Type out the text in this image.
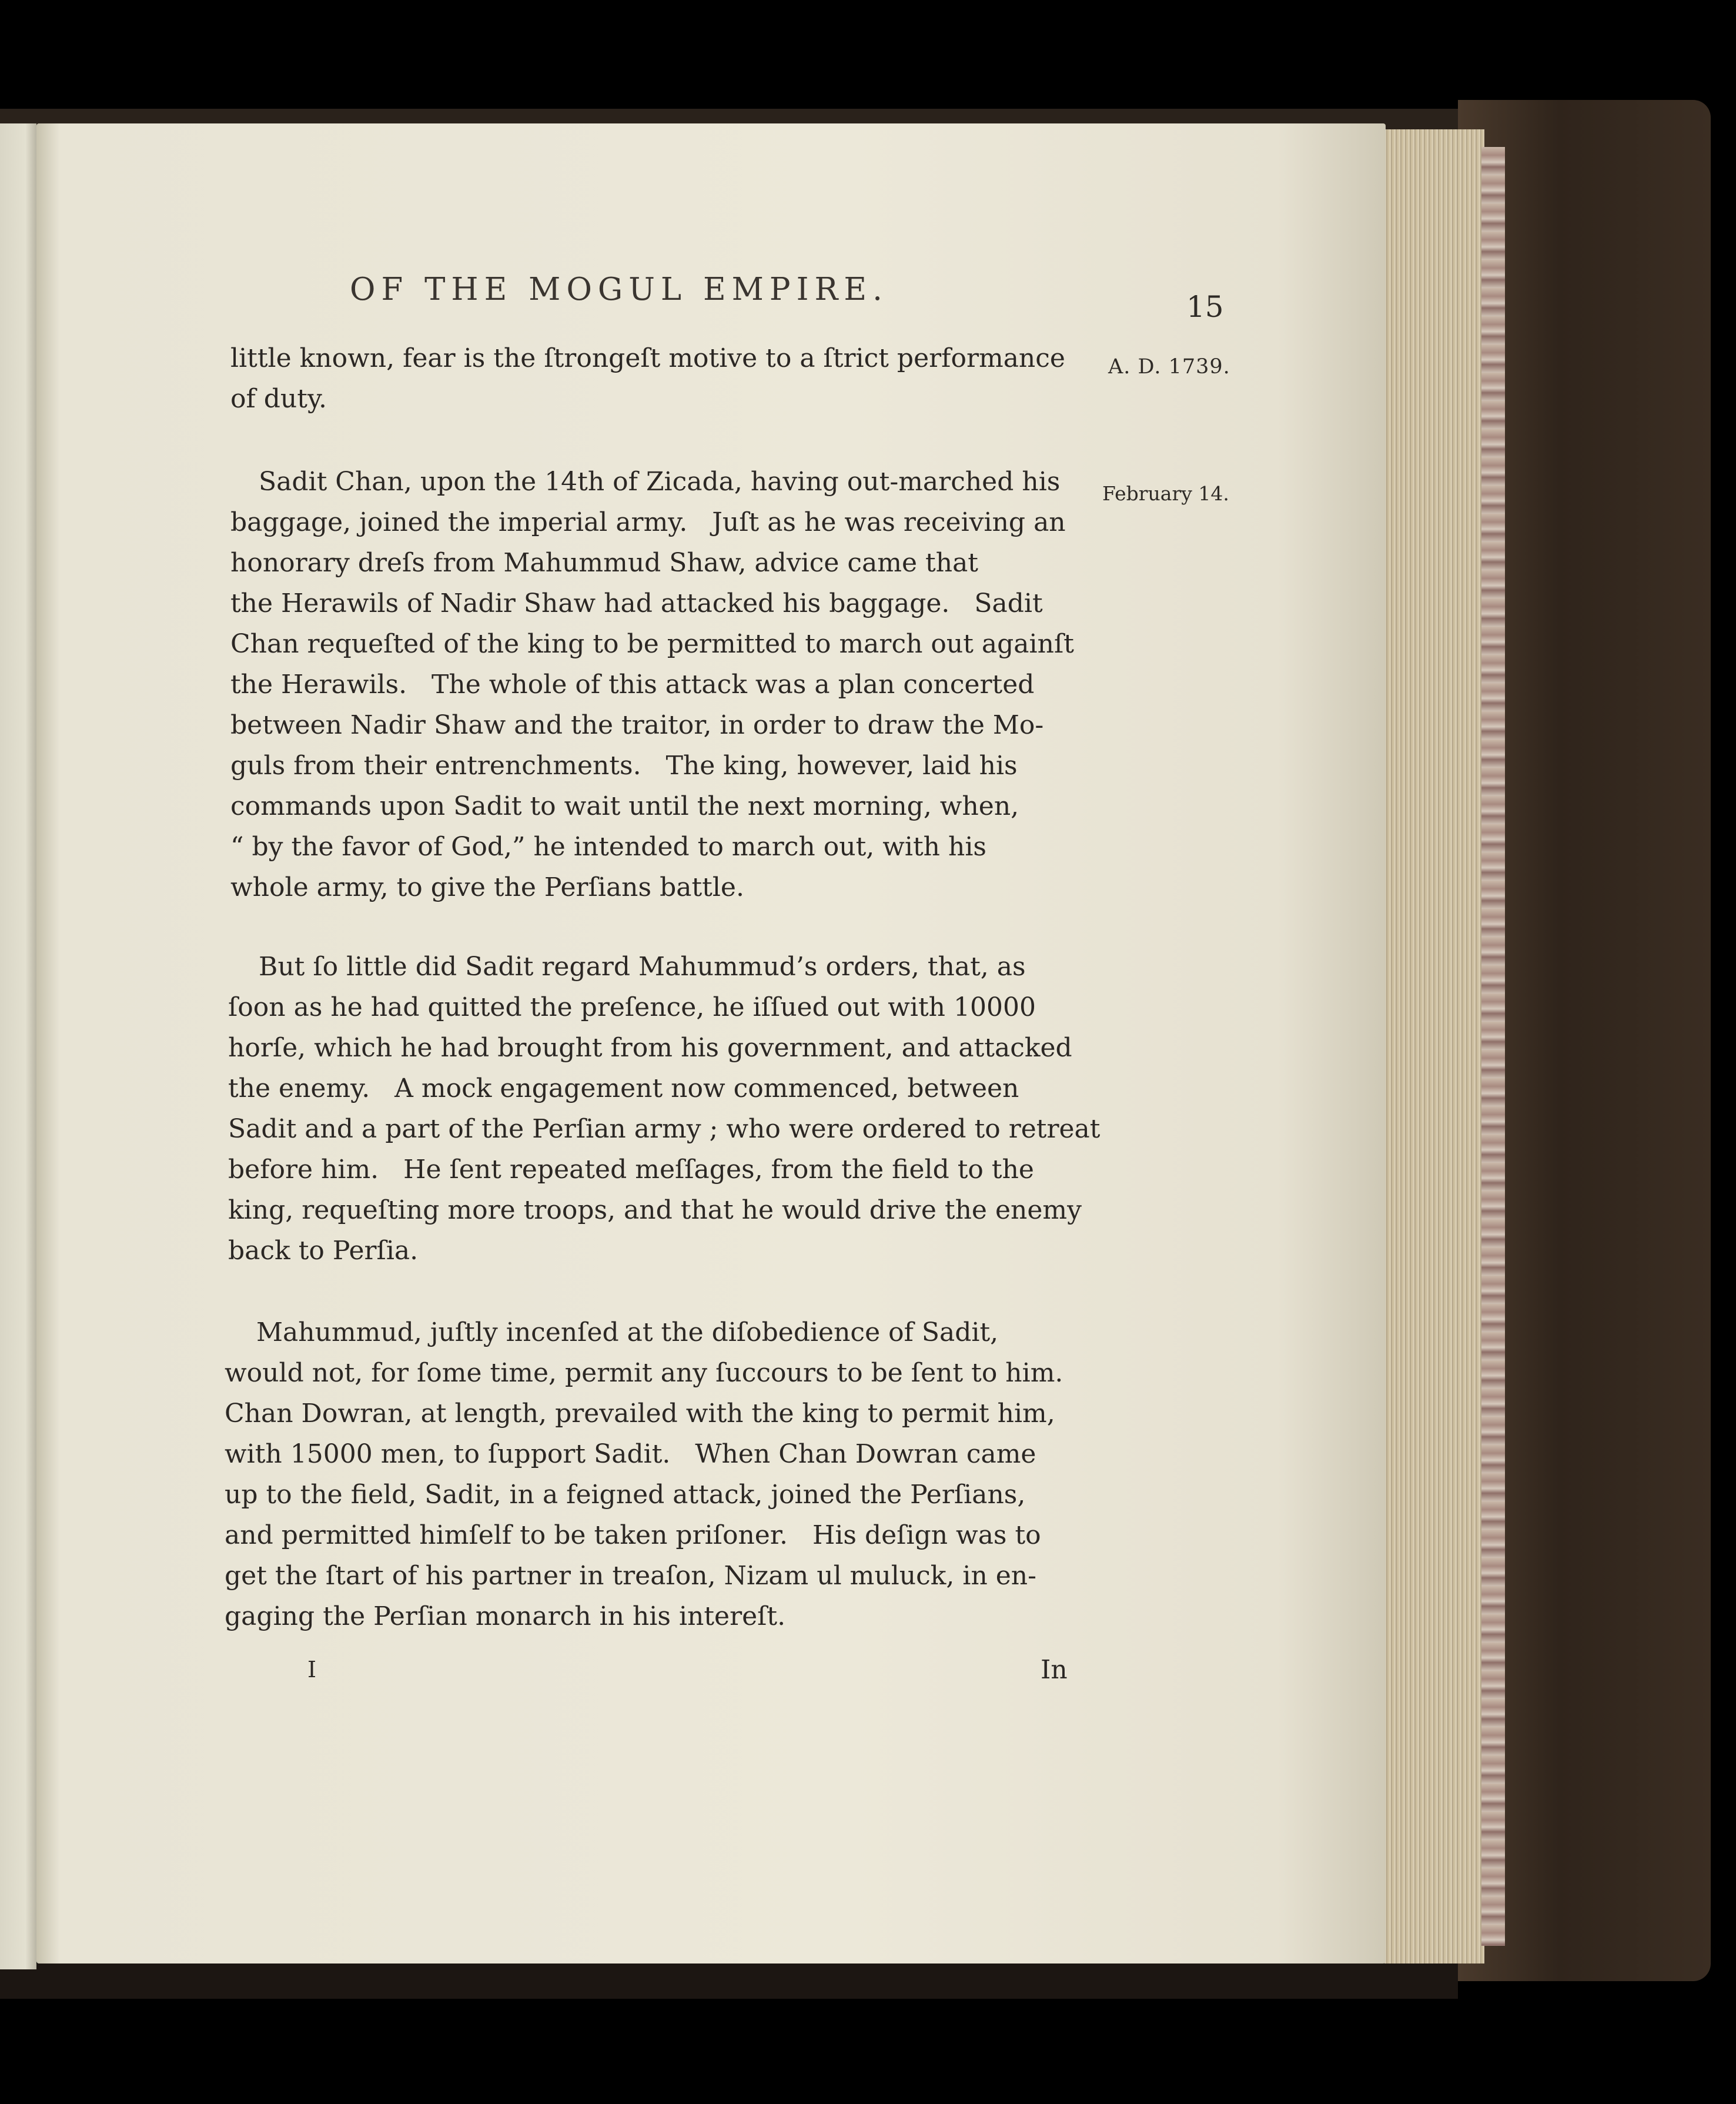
OF THE MOGUL EMPIRE.	15
A. D. 1739.
February 14.
little known, fear is the ſtrongeſt motive to a ſtrict performance
of duty.
Sadit Chan, upon the 14th of Zicada, having out-marched his
baggage, joined the imperial army.   Juſt as he was receiving an
honorary dreſs from Mahummud Shaw, advice came that
the Herawils of Nadir Shaw had attacked his baggage.   Sadit
Chan requeſted of the king to be permitted to march out againſt
the Herawils.   The whole of this attack was a plan concerted
between Nadir Shaw and the traitor, in order to draw the Mo-
guls from their entrenchments.   The king, however, laid his
commands upon Sadit to wait until the next morning, when,
“ by the favor of God,” he intended to march out, with his
whole army, to give the Perſians battle.
But ſo little did Sadit regard Mahummud’s orders, that, as
ſoon as he had quitted the preſence, he iſſued out with 10000
horſe, which he had brought from his government, and attacked
the enemy.   A mock engagement now commenced, between
Sadit and a part of the Perſian army ; who were ordered to retreat
before him.   He ſent repeated meſſages, from the field to the
king, requeſting more troops, and that he would drive the enemy
back to Perſia.
Mahummud, juſtly incenſed at the diſobedience of Sadit,
would not, for ſome time, permit any ſuccours to be ſent to him.
Chan Dowran, at length, prevailed with the king to permit him,
with 15000 men, to ſupport Sadit.   When Chan Dowran came
up to the field, Sadit, in a feigned attack, joined the Perſians,
and permitted himſelf to be taken priſoner.   His deſign was to
get the ſtart of his partner in treaſon, Nizam ul muluck, in en-
gaging the Perſian monarch in his intereſt.
I	In
